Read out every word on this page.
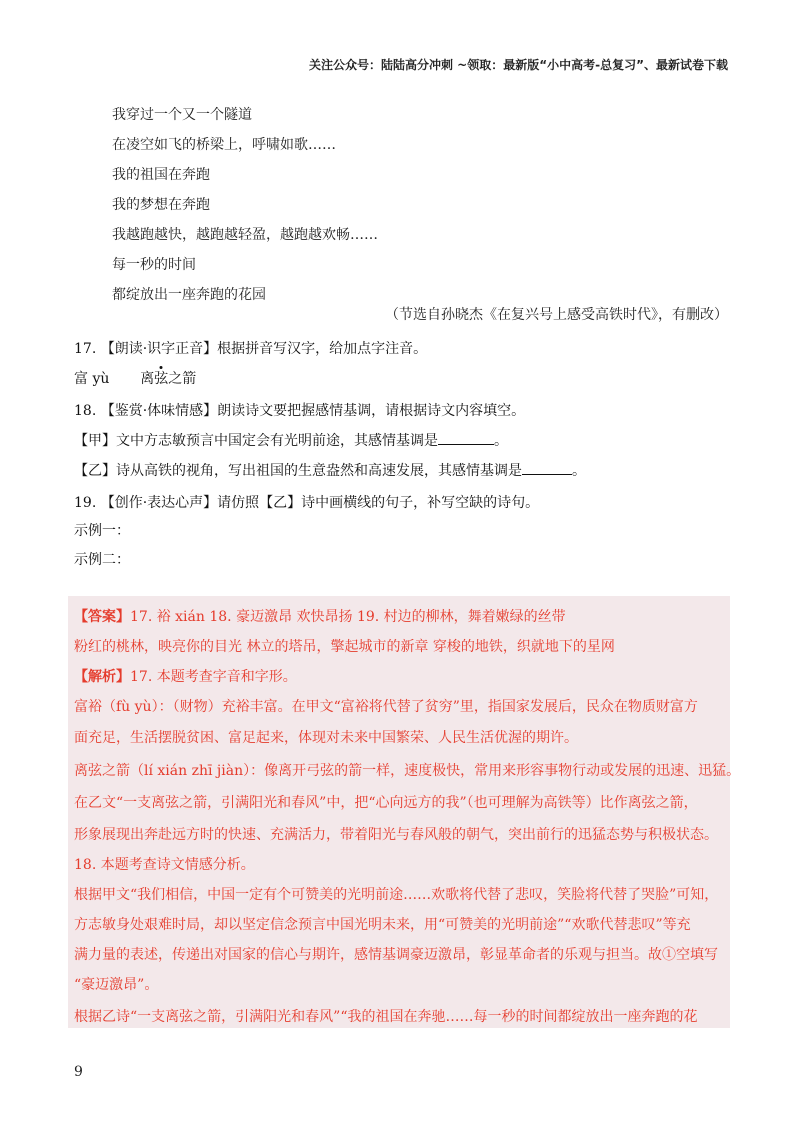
关注公众号：陆陆高分冲刺 ~领取：最新版“小中高考-总复习”、最新试卷下载
我穿过一个又一个隧道
在凌空如飞的桥梁上，呼啸如歌……
我的祖国在奔跑
我的梦想在奔跑
我越跑越快，越跑越轻盈，越跑越欢畅……
每一秒的时间
都绽放出一座奔跑的花园
（节选自孙晓杰《在复兴号上感受高铁时代》，有删改）
17. 【朗读·识字正音】根据拼音写汉字，给加点字注音。
富 yù 离弦之箭
18. 【鉴赏·体味情感】朗读诗文要把握感情基调，请根据诗文内容填空。
【甲】文中方志敏预言中国定会有光明前途，其感情基调是	。
【乙】诗从高铁的视角，写出祖国的生意盎然和高速发展，其感情基调是	。
19. 【创作·表达心声】请仿照【乙】诗中画横线的句子，补写空缺的诗句。
示例一：
示例二：
【答案】17. 裕 xián 18. 豪迈激昂 欢快昂扬 19. 村边的柳林，舞着嫩绿的丝带
粉红的桃林，映亮你的目光 林立的塔吊，擎起城市的新章 穿梭的地铁，织就地下的星网
【解析】17. 本题考查字音和字形。
富裕（fù yù）：（财物）充裕丰富。在甲文“富裕将代替了贫穷”里，指国家发展后，民众在物质财富方
面充足，生活摆脱贫困、富足起来，体现对未来中国繁荣、人民生活优渥的期许。
离弦之箭（lí xián zhī jiàn）：像离开弓弦的箭一样，速度极快，常用来形容事物行动或发展的迅速、迅猛。
在乙文“一支离弦之箭，引满阳光和春风”中，把“心向远方的我”（也可理解为高铁等）比作离弦之箭，
形象展现出奔赴远方时的快速、充满活力，带着阳光与春风般的朝气，突出前行的迅猛态势与积极状态。
18. 本题考查诗文情感分析。
根据甲文“我们相信，中国一定有个可赞美的光明前途……欢歌将代替了悲叹，笑脸将代替了哭脸”可知，
方志敏身处艰难时局，却以坚定信念预言中国光明未来，用“可赞美的光明前途”“欢歌代替悲叹”等充
满力量的表述，传递出对国家的信心与期许，感情基调豪迈激昂，彰显革命者的乐观与担当。故①空填写
“豪迈激昂”。
根据乙诗“一支离弦之箭，引满阳光和春风”“我的祖国在奔驰……每一秒的时间都绽放出一座奔跑的花
9
